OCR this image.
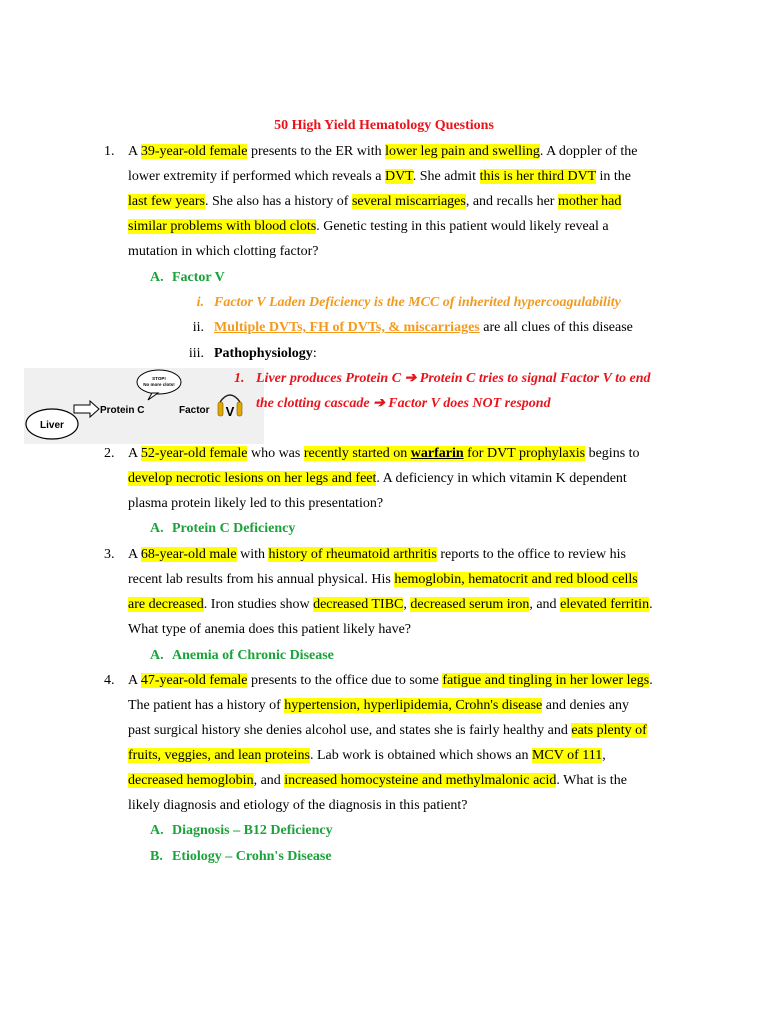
50 High Yield Hematology Questions
1. A 39-year-old female presents to the ER with lower leg pain and swelling. A doppler of the
lower extremity if performed which reveals a DVT. She admit this is her third DVT in the
last few years. She also has a history of several miscarriages, and recalls her mother had
similar problems with blood clots. Genetic testing in this patient would likely reveal a
mutation in which clotting factor?
A. Factor V
i. Factor V Laden Deficiency is the MCC of inherited hypercoagulability
ii. Multiple DVTs, FH of DVTs, & miscarriages are all clues of this disease
iii. Pathophysiology:
Liver
Protein C
STOP!
No more clots!
Factor V
1. Liver produces Protein C ➔ Protein C tries to signal Factor V to end
the clotting cascade ➔ Factor V does NOT respond
2. A 52-year-old female who was recently started on warfarin for DVT prophylaxis begins to
develop necrotic lesions on her legs and feet. A deficiency in which vitamin K dependent
plasma protein likely led to this presentation?
A. Protein C Deficiency
3. A 68-year-old male with history of rheumatoid arthritis reports to the office to review his
recent lab results from his annual physical. His hemoglobin, hematocrit and red blood cells
are decreased. Iron studies show decreased TIBC, decreased serum iron, and elevated ferritin.
What type of anemia does this patient likely have?
A. Anemia of Chronic Disease
4. A 47-year-old female presents to the office due to some fatigue and tingling in her lower legs.
The patient has a history of hypertension, hyperlipidemia, Crohn's disease and denies any
past surgical history she denies alcohol use, and states she is fairly healthy and eats plenty of
fruits, veggies, and lean proteins. Lab work is obtained which shows an MCV of 111,
decreased hemoglobin, and increased homocysteine and methylmalonic acid. What is the
likely diagnosis and etiology of the diagnosis in this patient?
A. Diagnosis – B12 Deficiency
B. Etiology – Crohn's Disease
